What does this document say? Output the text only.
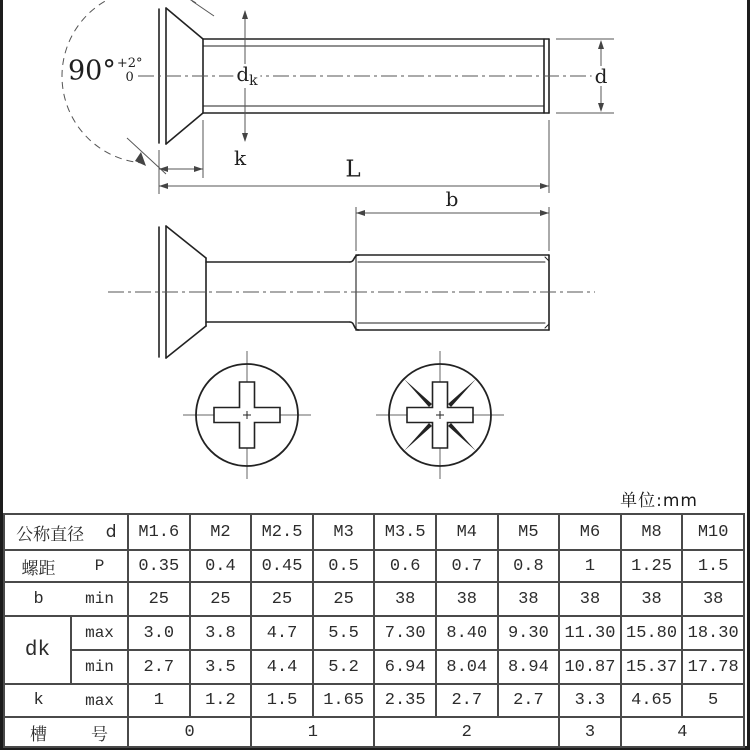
90° +2°
0	$d_k$	d
k	L
b
单位:mm
公称直径 d		M1.6	M2	M2.5	M3	M3.5	M4	M5	M6	M8	M10

螺距 P		0.35	0.4	0.45	0.5	0.6	0.7	0.8	1	1.25	1.5

b min		25	25	25	25	38	38	38	38	38	38
dk	max	3.0	3.8	4.7	5.5	7.30	8.40	9.30	11.30	15.80	18.30
	min	2.7	3.5	4.4	5.2	6.94	8.04	8.94	10.87	15.37	17.78

k max		1	1.2	1.5	1.65	2.35	2.7	2.7	3.3	4.65	5

槽 号		0		1		2			3	4	
